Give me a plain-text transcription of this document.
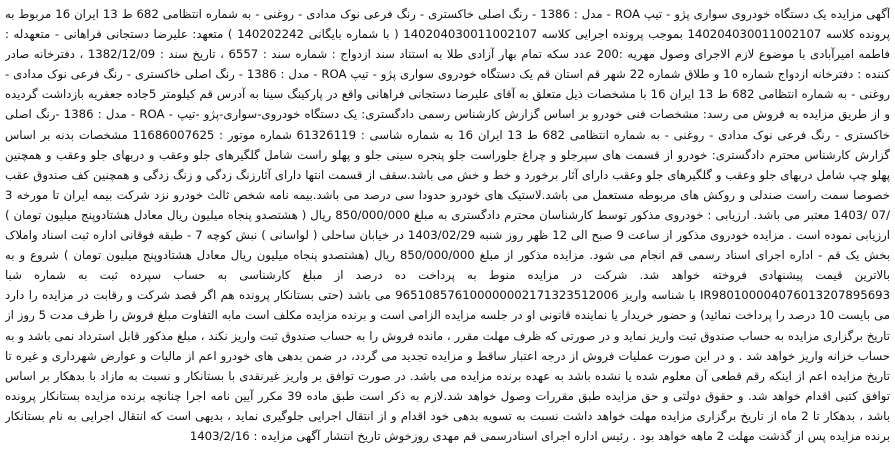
آگهی مزایده یک دستگاه خودروی سواری پژو - تیپ ROA - مدل : 1386 - رنگ اصلی خاکستری - رنگ فرعی نوک مدادی - روغنی - به شماره انتظامی 682 ط 13 ایران 16 مربوط به پرونده کلاسه 140204030011002107 بموجب پرونده اجرایی کلاسه 140204030011002107 ( با شماره بایگانی 140202242 ) متعهد: علیرضا دستجانی فراهانی - متعهدله : فاطمه امیرآبادی با موضوع لازم الاجرای وصول مهریه :200 عدد سکه تمام بهار آزادی طلا به استناد سند ازدواج : شماره سند : 6557 ، تاریخ سند : 1382/12/09 ، دفترخانه صادر کننده : دفترخانه ازدواج شماره 10 و طلاق شماره 22 شهر قم استان قم یک دستگاه خودروی سواری پژو - تیپ ROA - مدل : 1386 - رنگ اصلی خاکستری - رنگ فرعی نوک مدادی - روغنی - به شماره انتظامی 682 ط 13 ایران 16 با مشخصات ذیل متعلق به آقای علیرضا دستجانی فراهانی واقع در پارکینگ سینا به آدرس قم کیلومتر 5جاده جعفریه بازداشت گردیده و از طریق مزایده به فروش می رسد: مشخصات فنی خودرو بر اساس گزارش کارشناس رسمی دادگستری: یک دستگاه خودروی-سواری-پژو -تیپ - ROA - مدل : 1386 -رنگ اصلی خاکستری - رنگ فرعی نوک مدادی - روغنی - به شماره انتظامی 682 ط 13 ایران 16 به شماره شاسی : 61326119 شماره موتور : 11686007625 مشخصات بدنه بر اساس گزارش کارشناس محترم دادگستری: خودرو از قسمت های سپرجلو و چراغ جلوراست جلو پنجره سینی جلو و پهلو راست شامل گلگیرهای جلو وعقب و دربهای جلو وعقب و همچنین پهلو چپ شامل دربهای جلو وعقب و گلگیرهای جلو وعقب دارای آثار برخورد و خط و خش می باشد.سقف از قسمت انتها دارای آثارزنگ زدگی و زنگ زدگی و همچنین کف صندوق عقب خصوصا سمت راست صندلی و روکش های مربوطه مستعمل می باشد.لاستیک های خودرو حدودا سی درصد می باشد.بیمه نامه شخص ثالث خودرو نزد شرکت بیمه ایران تا مورخه 3 /07 /1403 معتبر می باشد. ارزیابی : خودروی مذکور توسط کارشناسان محترم دادگستری به مبلغ 850/000/000 ریال ( هشتصدو پنجاه میلیون ریال معادل هشتادوپنج میلیون تومان ) ارزیابی نموده است . مزایده خودروی مذکور از ساعت 9 صبح الی 12 ظهر روز شنبه 1403/02/29 در خیابان ساحلی ( لواسانی ) نبش کوچه 7 - طبقه فوقانی اداره ثبت اسناد واملاک بخش یک قم - اداره اجرای اسناد رسمی قم انجام می شود. مزایده مذکور از مبلغ 850/000/000 ریال (هشتصدو پنجاه میلیون ریال معادل هشتادوپنج میلیون تومان ) شروع و به بالاترین قیمت پیشنهادی فروخته خواهد شد. شرکت در مزایده منوط به پرداخت ده درصد از مبلغ کارشناسی به حساب سپرده ثبت به شماره شبا IR980100004076013207895693 با شناسه واریز 965108576100000002171323512006 می باشد (حتی بستانکار پرونده هم اگر قصد شرکت و رقابت در مزایده را دارد می بایست 10 درصد را پرداخت نمائید) و حضور خریدار یا نماینده قانونی او در جلسه مزایده الزامی است و برنده مزایده مکلف است مابه التفاوت مبلغ فروش را ظرف مدت 5 روز از تاریخ برگزاری مزایده به حساب صندوق ثبت واریز نماید و در صورتی که ظرف مهلت مقرر ، مانده فروش را به حساب صندوق ثبت واریز نکند ، مبلغ مذکور قابل استرداد نمی باشد و به حساب خزانه واریز خواهد شد . و در این صورت عملیات فروش از درجه اعتبار ساقط و مزایده تجدید می گردد، در ضمن بدهی های خودرو اعم از مالیات و عوارض شهرداری و غیره تا تاریخ مزایده اعم از اینکه رقم قطعی آن معلوم شده یا نشده باشد به عهده برنده مزایده می باشد. در صورت توافق بر واریز غیرنقدی با بستانکار و نسبت به مازاد با بدهکار بر اساس توافق کتبی اقدام خواهد شد. و حقوق دولتی و حق مزایده طبق مقررات وصول خواهد شد.لازم به ذکر است طبق ماده 39 مکرر آیین نامه اجرا چنانچه برنده مزایده بستانکار پرونده باشد ، بدهکار تا 2 ماه از تاریخ برگزاری مزایده مهلت خواهد داشت نسبت به تسویه بدهی خود اقدام و از انتقال اجرایی جلوگیری نماید ، بدیهی است که انتقال اجرایی به نام بستانکار برنده مزایده پس از گذشت مهلت 2 ماهه خواهد بود . رئیس اداره اجرای اسنادرسمی قم مهدی روزخوش تاریخ انتشار آگهی مزایده : 1403/2/16
